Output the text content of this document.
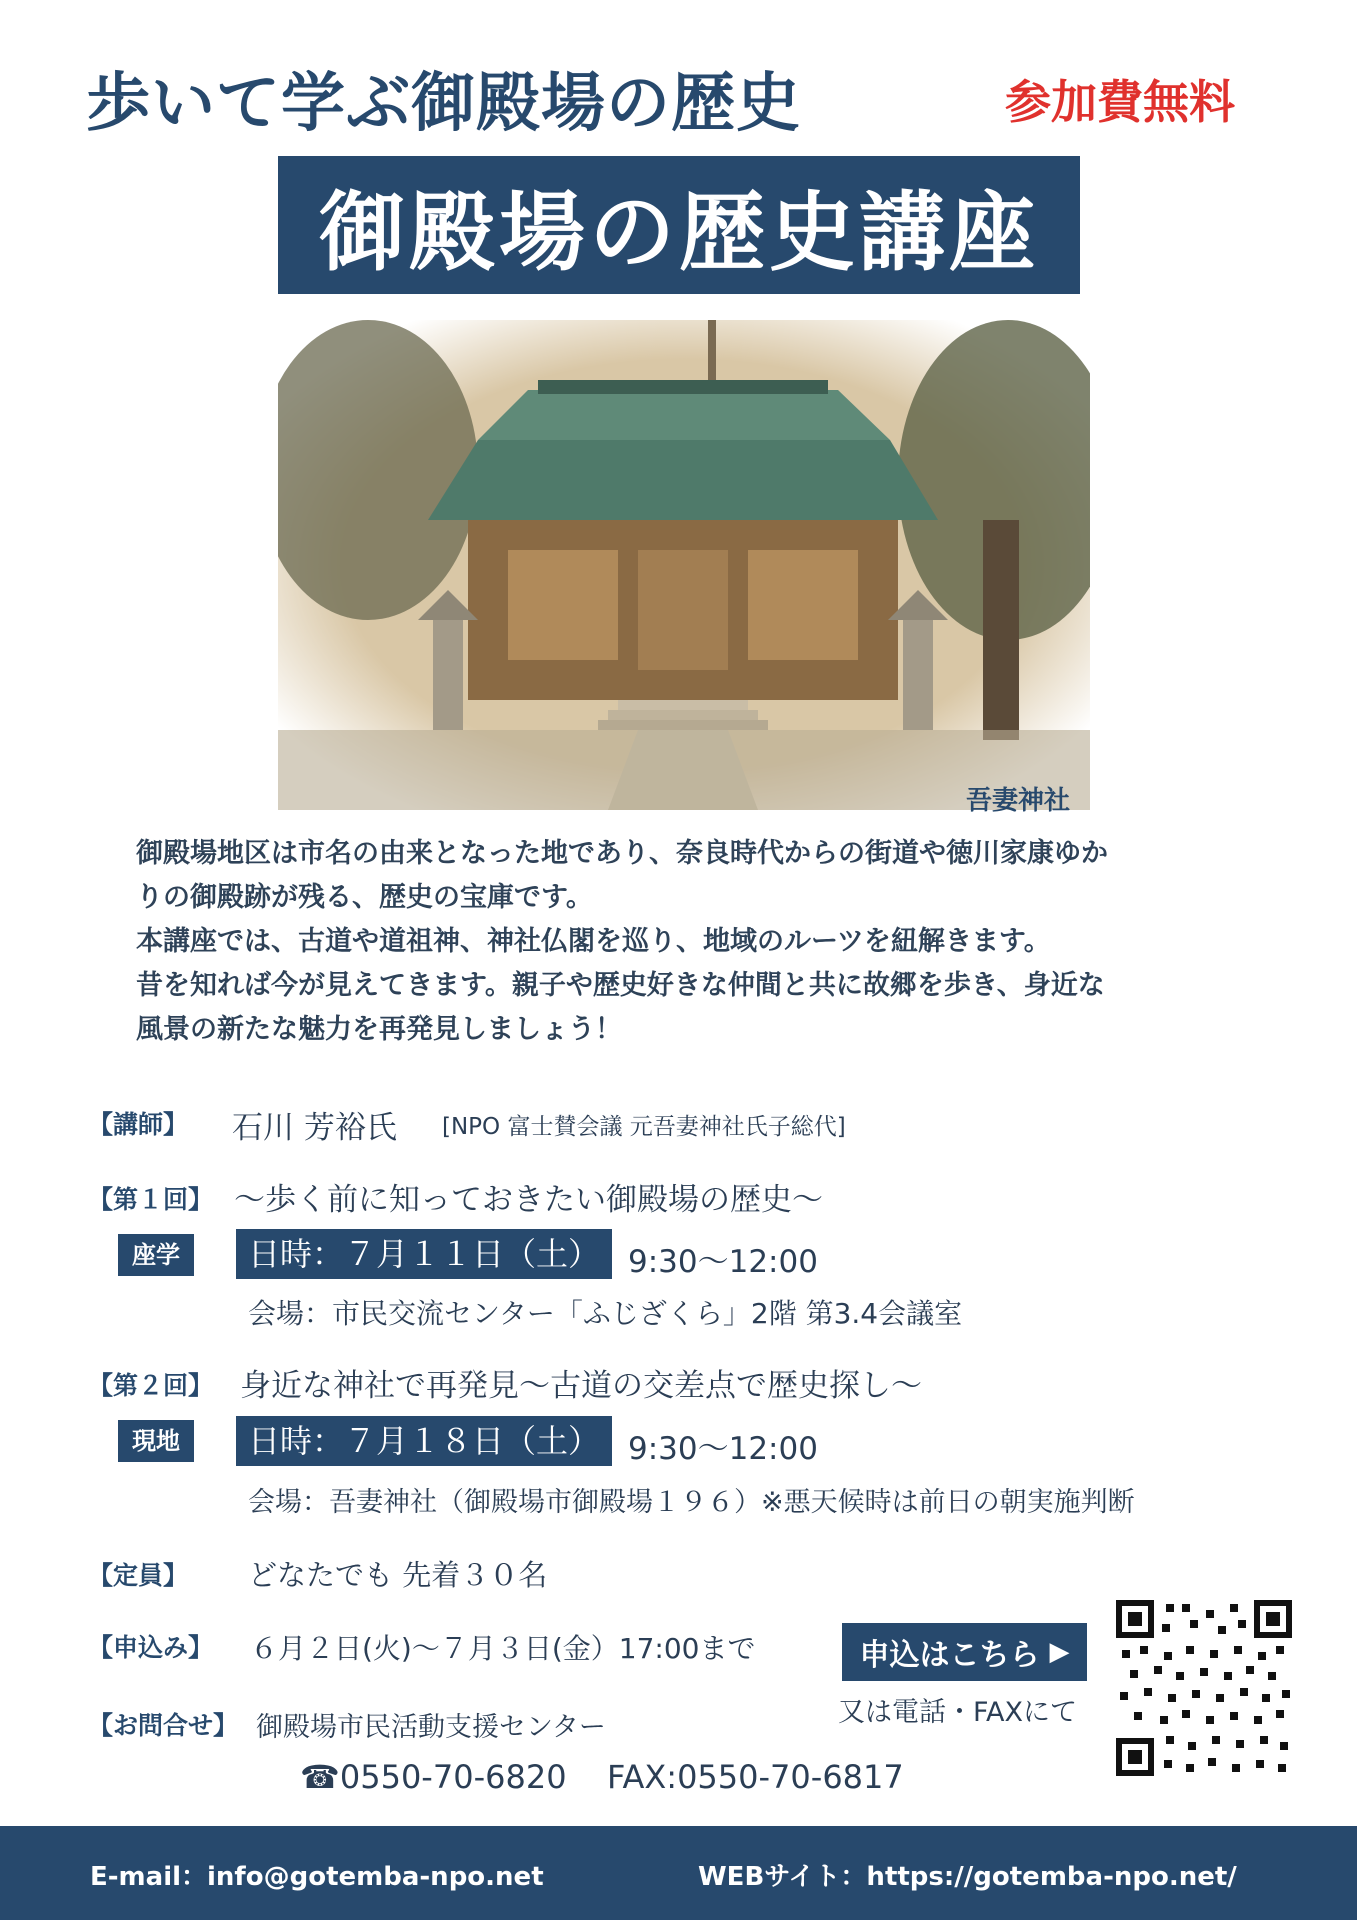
歩いて学ぶ御殿場の歴史	参加費無料
御殿場の歴史講座
吾妻神社

御殿場地区は市名の由来となった地であり、奈良時代からの街道や徳川家康ゆか

りの御殿跡が残る、歴史の宝庫です。

本講座では、古道や道祖神、神社仏閣を巡り、地域のルーツを紐解きます。

昔を知れば今が見えてきます。親子や歴史好きな仲間と共に故郷を歩き、身近な

風景の新たな魅力を再発見しましょう！

【講師】 石川 芳裕氏 [NPO 富士賛会議 元吾妻神社氏子総代]
【第１回】 ～歩く前に知っておきたい御殿場の歴史～
座学	日時：７月１１日（土） 9:30～12:00
会場：市民交流センター「ふじざくら」2階 第3.4会議室
【第２回】 身近な神社で再発見～古道の交差点で歴史探し～
現地	日時：７月１８日（土） 9:30～12:00
会場：吾妻神社（御殿場市御殿場１９６）※悪天候時は前日の朝実施判断
【定員】 どなたでも 先着３０名
【申込み】 ６月２日(火)～７月３日(金）17:00まで	申込はこちら ▶
又は電話・FAXにて
【お問合せ】 御殿場市民活動支援センター
☎0550-70-6820 FAX:0550-70-6817
E-mail：info@gotemba-npo.net	WEBサイト：https://gotemba-npo.net/
